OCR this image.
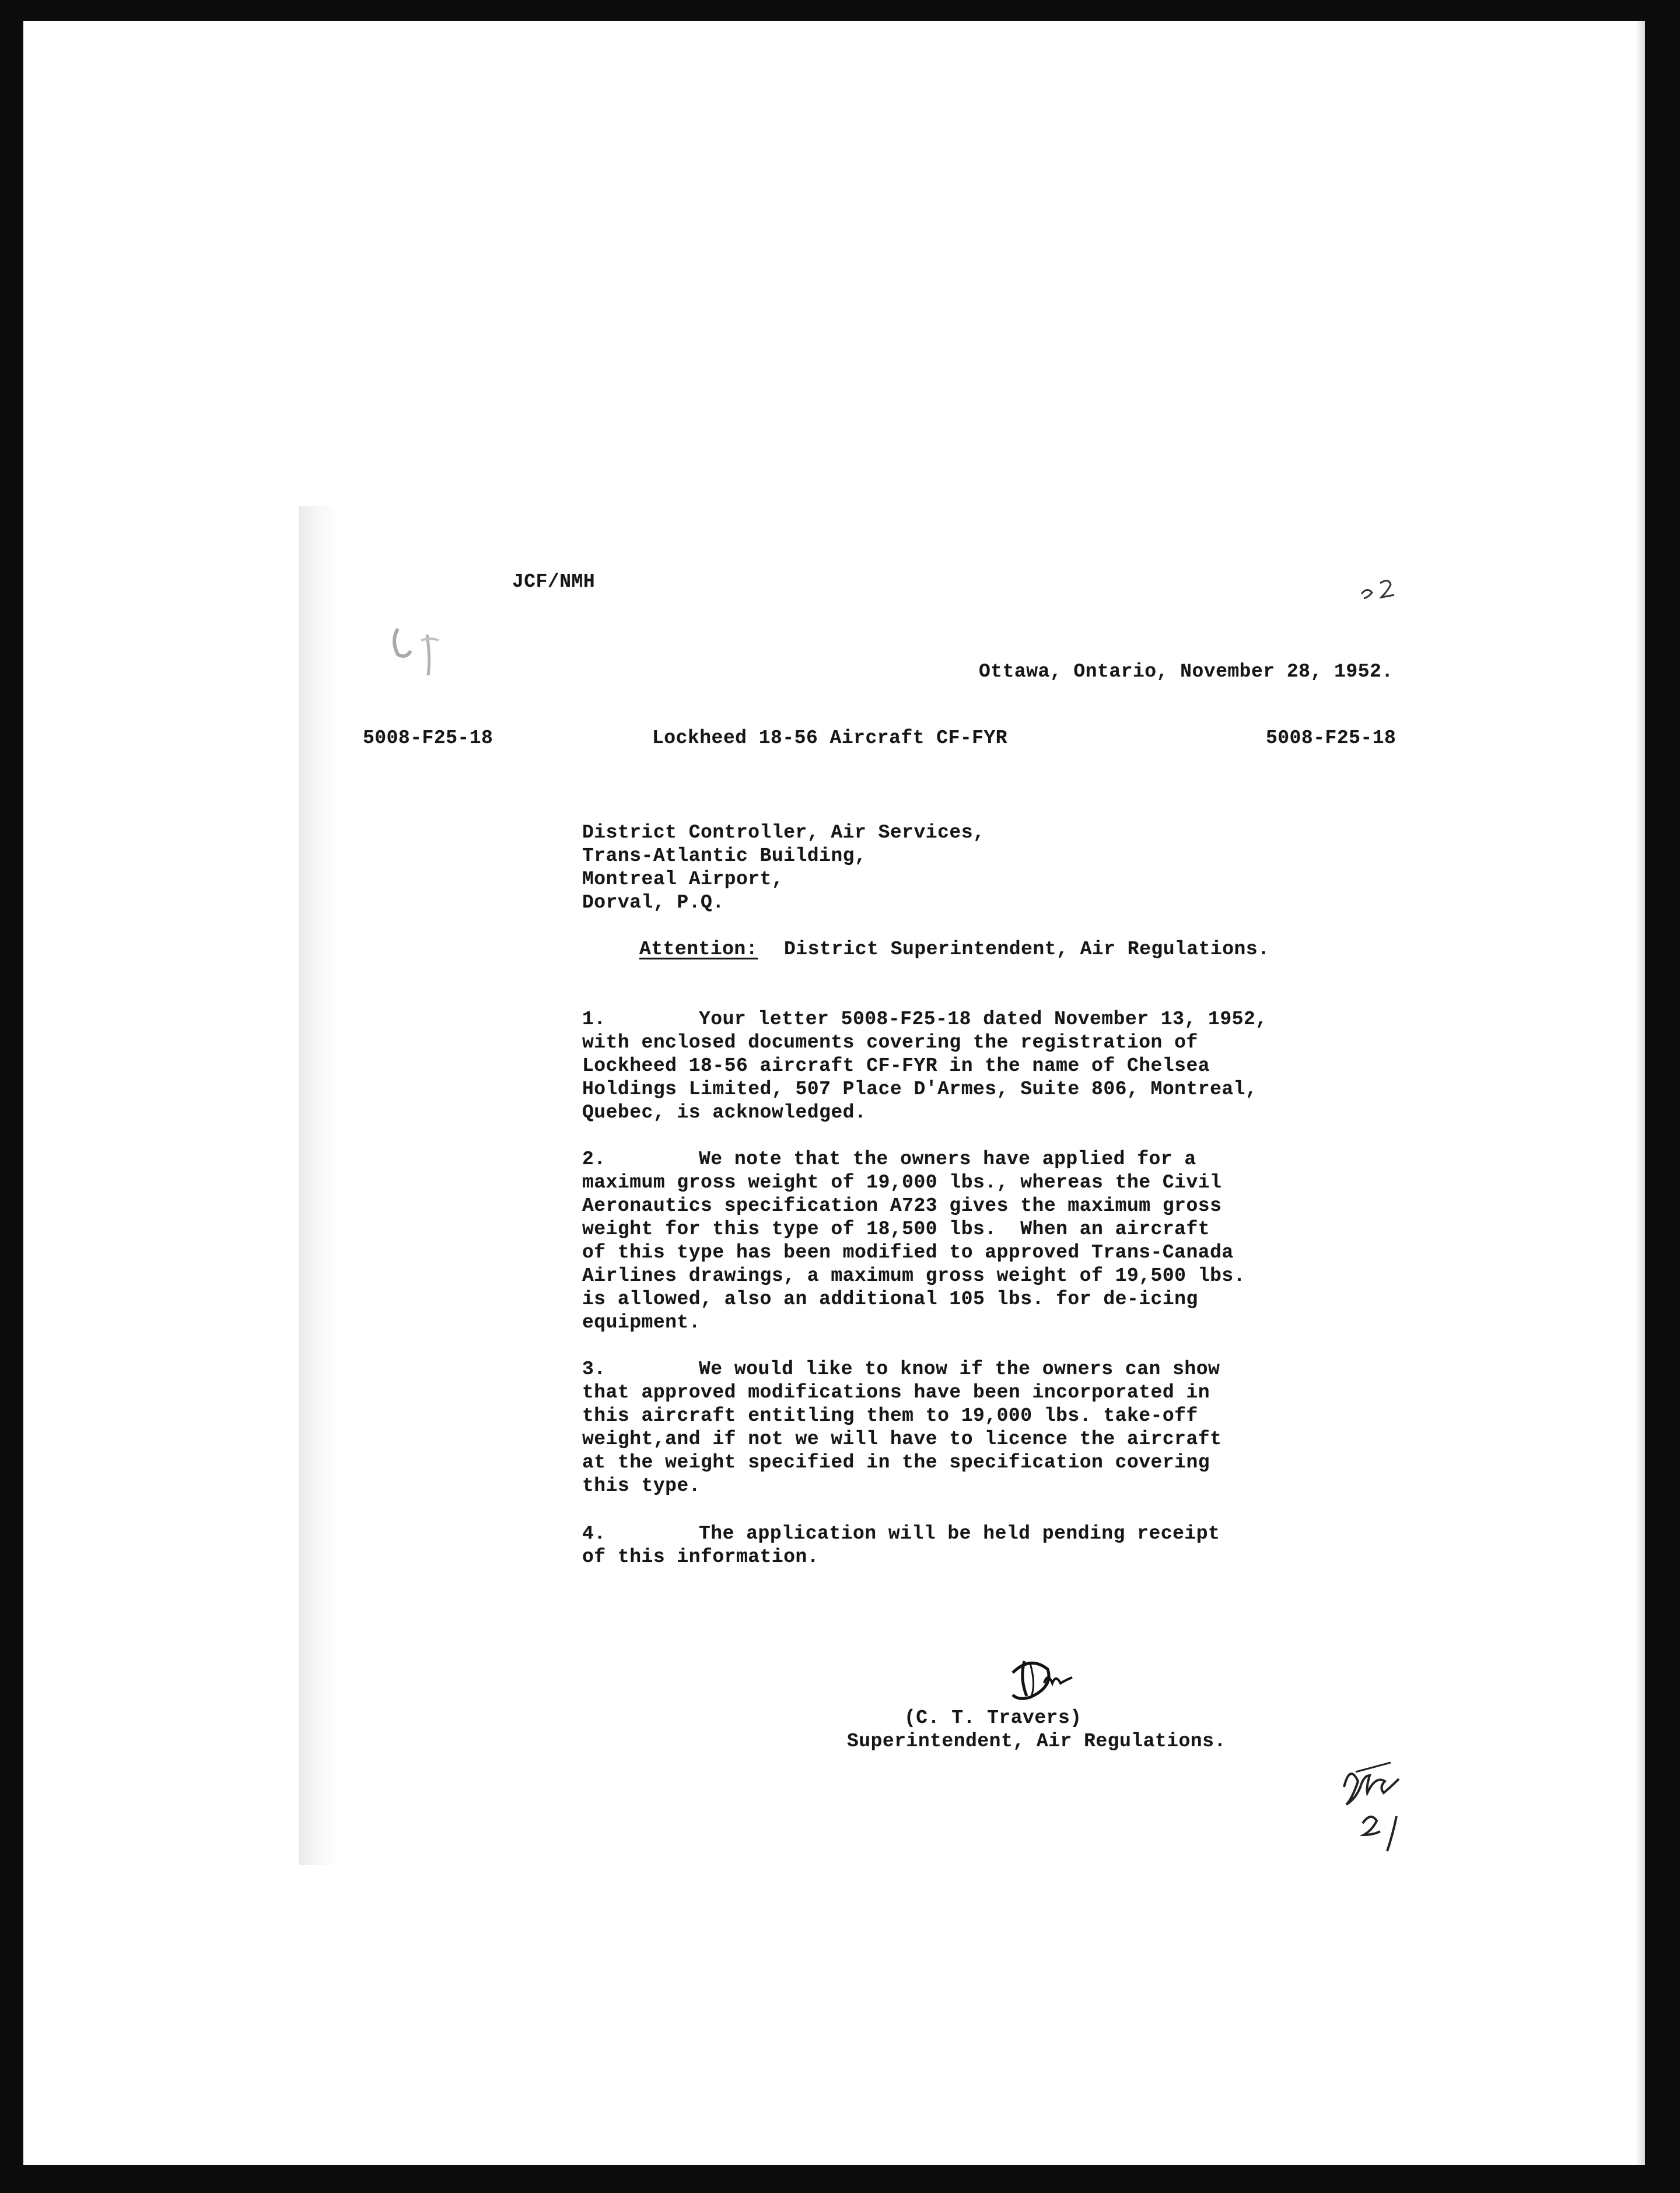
JCF/NMH
Ottawa, Ontario, November 28, 1952.
5008-F25-18	Lockheed 18-56 Aircraft CF-FYR	5008-F25-18
District Controller, Air Services,
Trans-Atlantic Building,
Montreal Airport,
Dorval, P.Q.
Attention: District Superintendent, Air Regulations.
1.	Your letter 5008-F25-18 dated November 13, 1952,
with enclosed documents covering the registration of
Lockheed 18-56 aircraft CF-FYR in the name of Chelsea
Holdings Limited, 507 Place D'Armes, Suite 806, Montreal,
Quebec, is acknowledged.
2.	We note that the owners have applied for a
maximum gross weight of 19,000 lbs., whereas the Civil
Aeronautics specification A723 gives the maximum gross
weight for this type of 18,500 lbs.  When an aircraft
of this type has been modified to approved Trans-Canada
Airlines drawings, a maximum gross weight of 19,500 lbs.
is allowed, also an additional 105 lbs. for de-icing
equipment.
3.	We would like to know if the owners can show
that approved modifications have been incorporated in
this aircraft entitling them to 19,000 lbs. take-off
weight,and if not we will have to licence the aircraft
at the weight specified in the specification covering
this type.
4.	The application will be held pending receipt
of this information.
(C. T. Travers)
Superintendent, Air Regulations.
